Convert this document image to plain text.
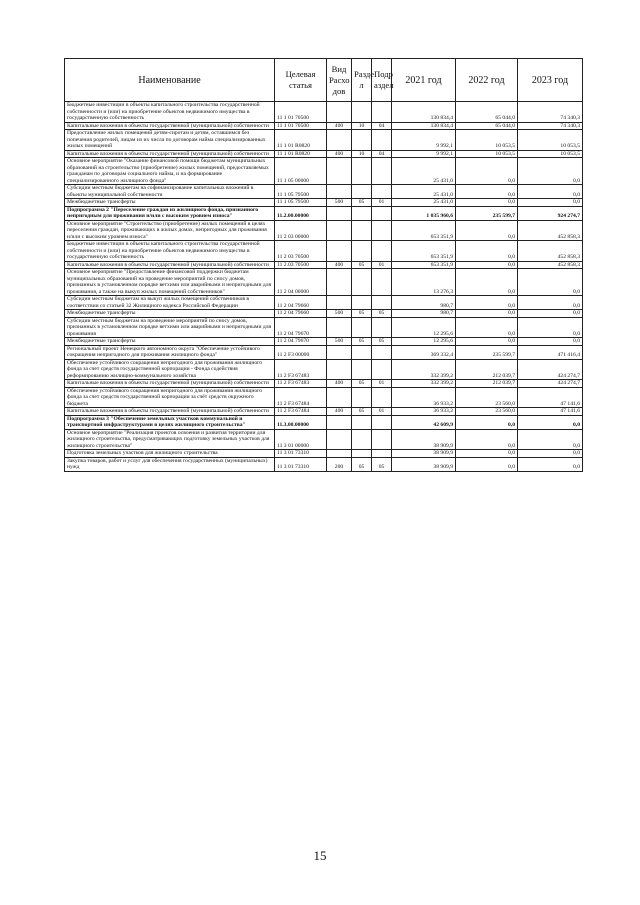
Наименование	Целевая статья	Вид Расхо дов	Разде л	Подр аздел	2021 год	2022 год	2023 год
Бюджетные инвестиции в объекты капитального строительства государственной собственности и (или) на приобретение объектов недвижимого имущества в государственную собственность	11 1 01 70500				130 834,4	65 044,0	74 340,3
Капитальные вложения в объекты государственной (муниципальной) собственности	11 1 01 70500	400	10	04	130 834,4	65 044,0	74 340,3
Предоставление жилых помещений детям-сиротам и детям, оставшимся без попечения родителей, лицам из их числа по договорам найма специализированных жилых помещений	11 1 01 R0820				9 992,1	10 053,5	10 053,5
Капитальные вложения в объекты государственной (муниципальной) собственности	11 1 01 R0820	400	10	04	9 992,1	10 053,5	10 053,5
Основное мероприятие "Оказание финансовой помощи бюджетам муниципальных образований на строительство (приобретение) жилых помещений, предоставляемых гражданам по договорам социального найма, и на формирование специализированного жилищного фонда"	11 1 05 00000				25 431,0	0,0	0,0
Субсидии местным бюджетам на софинансирование капитальных вложений в объекты муниципальной собственности	11 1 05 79500				25 431,0	0,0	0,0
Межбюджетные трансферты	11 1 05 79500	500	05	01	25 431,0	0,0	0,0
Подпрограмма 2 "Переселение граждан из жилищного фонда, признанного непригодным для проживания и/или с высоким уровнем износа"	11.2.00.00000				1 035 960,6	235 599,7	924 274,7
Основное мероприятие "Строительство (приобретение) жилых помещений в целях переселения граждан, проживающих в жилых домах, непригодных для проживания и/или с высоким уровнем износа"	11 2 03 00000				653 351,9	0,0	452 858,3
Бюджетные инвестиции в объекты капитального строительства государственной собственности и (или) на приобретение объектов недвижимого имущества в государственную собственность	11 2 03 70500				653 351,9	0,0	452 858,3
Капитальные вложения в объекты государственной (муниципальной) собственности	11 2.03 70500	400	05	01	653 351,9	0,0	452 858,3
Основное мероприятие "Предоставление финансовой поддержки бюджетам муниципальных образований на проведение мероприятий по сносу домов, признанных в установленном порядке ветхими или аварийными и непригодными для проживания, а также на выкуп жилых помещений собственников"	11 2 04 00000				13 276,3	0,0	0,0
Субсидии местным бюджетам на выкуп жилых помещений собственников в соответствии со статьей 32 Жилищного кодекса Российской Федерации	11 2 04 79660				980,7	0,0	0,0
Межбюджетные трансферты	11 2 04 79660	500	05	05	980,7	0,0	0,0
Субсидии местным бюджетам на проведение мероприятий по сносу домов, признанных в установленном порядке ветхими или аварийными и непригодными для проживания	11 2 04 79670				12 295,6	0,0	0,0
Межбюджетные трансферты	11 2 04 79670	500	05	05	12 295,6	0,0	0,0
Региональный проект Ненецкого автономного округа "Обеспечение устойчивого сокращения непригодного для проживания жилищного фонда"	11 2 F3 00000				369 332,4	235 599,7	471 416,4
Обеспечение устойчивого сокращения непригодного для проживания жилищного фонда за счет средств государственной корпорации - Фонда содействия реформированию жилищно-коммунального хозяйства	11 2 F3 67483				332 399,2	212 039,7	424 274,7
Капитальные вложения в объекты государственной (муниципальной) собственности	11 2 F3 67483	400	05	01	332 399,2	212 039,7	424 274,7
Обеспечение устойчивого сокращения непригодного для проживания жилищного фонда за счет средств государственной корпорации за счёт средств окружного бюджета	11 2 F3 67484				36 933,2	23 560,0	47 141,6
Капитальные вложения в объекты государственной (муниципальной) собственности	11 2 F3 67484	400	05	01	36 933,2	23 560,0	47 141,6
Подпрограмма 3 "Обеспечение земельных участков коммунальной и транспортной инфраструктурами в целях жилищного строительства"	11.3.00.00000				42 609,9	0,0	0,0
Основное мероприятие "Реализация проектов освоения и развития территории для жилищного строительства, предусматривающих подготовку земельных участков для жилищного строительства"	11 3 01 00000				38 909,9	0,0	0,0
Подготовка земельных участков для жилищного строительства	11 3 01 73310				38 909,9	0,0	0,0
Закупка товаров, работ и услуг для обеспечения государственных (муниципальных) нужд	11 3 01 73310	200	05	05	38 909,9	0,0	0,0
15
